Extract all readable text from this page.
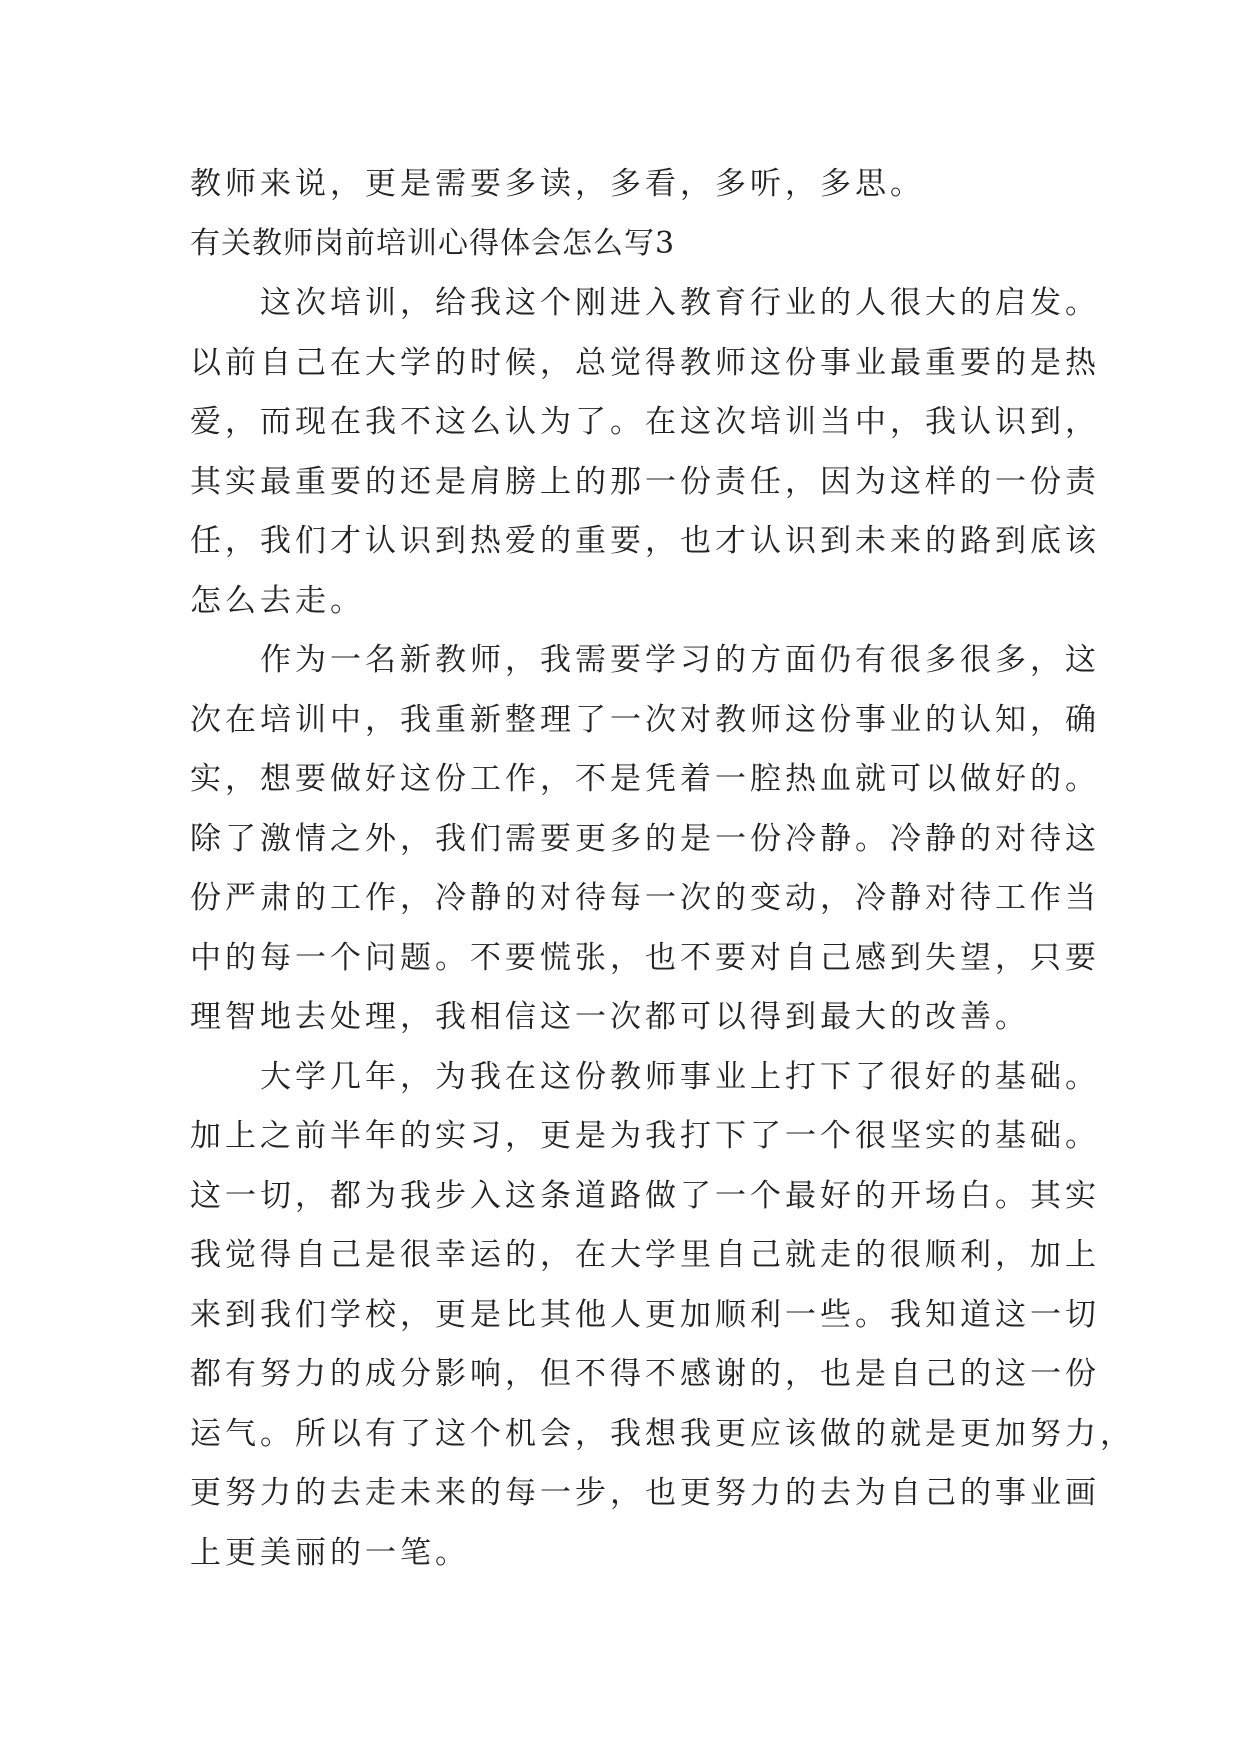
教师来说，更是需要多读，多看，多听，多思。
有关教师岗前培训心得体会怎么写3
　　这次培训，给我这个刚进入教育行业的人很大的启发。
以前自己在大学的时候，总觉得教师这份事业最重要的是热
爱，而现在我不这么认为了。在这次培训当中，我认识到，
其实最重要的还是肩膀上的那一份责任，因为这样的一份责
任，我们才认识到热爱的重要，也才认识到未来的路到底该
怎么去走。
　　作为一名新教师，我需要学习的方面仍有很多很多，这
次在培训中，我重新整理了一次对教师这份事业的认知，确
实，想要做好这份工作，不是凭着一腔热血就可以做好的。
除了激情之外，我们需要更多的是一份冷静。冷静的对待这
份严肃的工作，冷静的对待每一次的变动，冷静对待工作当
中的每一个问题。不要慌张，也不要对自己感到失望，只要
理智地去处理，我相信这一次都可以得到最大的改善。
　　大学几年，为我在这份教师事业上打下了很好的基础。
加上之前半年的实习，更是为我打下了一个很坚实的基础。
这一切，都为我步入这条道路做了一个最好的开场白。其实
我觉得自己是很幸运的，在大学里自己就走的很顺利，加上
来到我们学校，更是比其他人更加顺利一些。我知道这一切
都有努力的成分影响，但不得不感谢的，也是自己的这一份
运气。所以有了这个机会，我想我更应该做的就是更加努力，
更努力的去走未来的每一步，也更努力的去为自己的事业画
上更美丽的一笔。
